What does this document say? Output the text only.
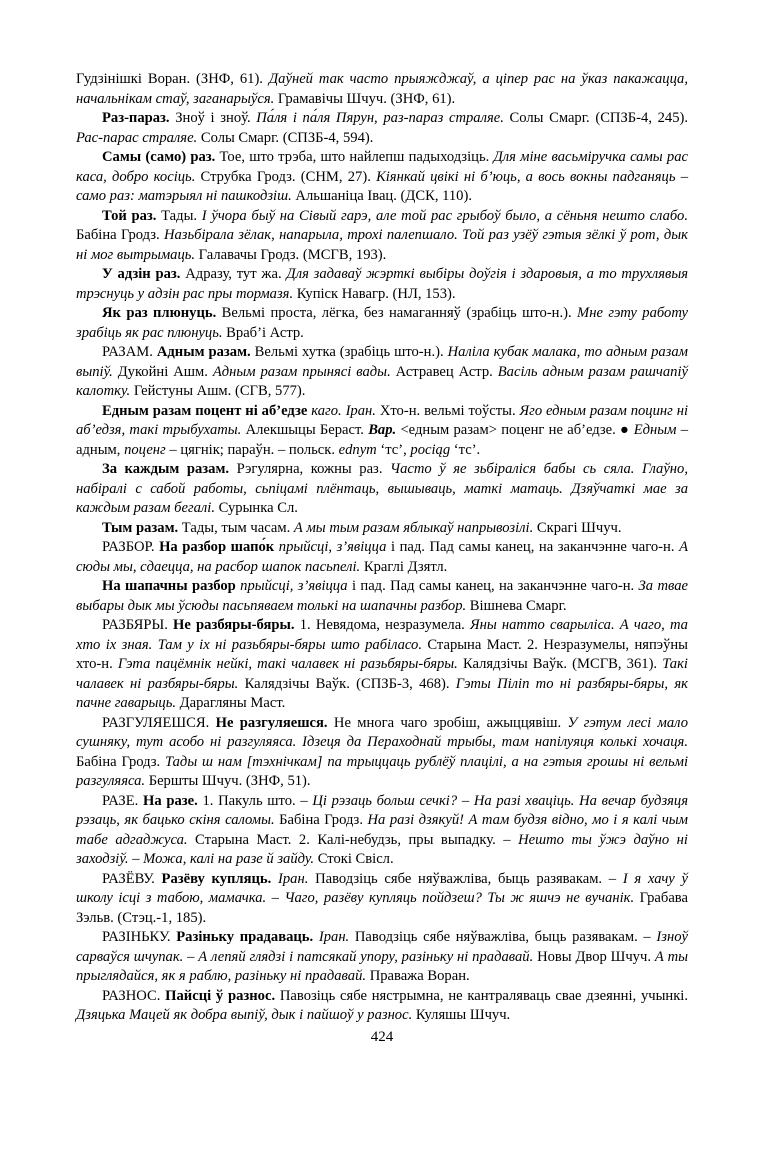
Гудзінішкі Воран. (ЗНФ, 61). Даўней так часто прыяжджаў, а цiпер рас на ўказ пакажацца, начальнікам стаў, заганарыўся. Грамавічы Шчуч. (ЗНФ, 61).

Раз-параз. Зноў і зноў. Па́ля і па́ля Пярун, раз-параз страляе. Солы Смарг. (СПЗБ-4, 245). Рас-парас страляе. Солы Смарг. (СПЗБ-4, 594).

Самы (само) раз. Тое, што трэба, што найлепш падыходзіць. Для міне васьміручка самы рас каса, добро косіць. Струбка Гродз. (СНМ, 27). Кіянкай цвікі ні б’юць, а вось вокны падганяць – само раз: матэрыял ні пашкодзіш. Альшаніца Івац. (ДСК, 110).

Той раз. Тады. І ўчора быў на Сівый гарэ, але той рас грыбоў было, а сёньня нешто слабо. Бабіна Гродз. Назьбірала зёлак, напарыла, трохі палепшало. Той раз узёў гэтыя зёлкі ў рот, дык ні мог вытрымаць. Галавачы Гродз. (МСГВ, 193).

У адзін раз. Адразу, тут жа. Для задаваў жэрткі выбіры доўгія і здаровыя, а то трухлявыя трэснуць у адзін рас пры тормазя. Купіск Навагр. (НЛ, 153).

Як раз плюнуць. Вельмі проста, лёгка, без намаганняў (зрабіць што-н.). Мне гэту работу зрабіць як рас плюнуць. Враб’і Астр.

РАЗАМ. Адным разам. Вельмі хутка (зрабіць што-н.). Наліла кубак малака, то адным разам выпіў. Дукойні Ашм. Адным разам прынясі вады. Астравец Астр. Васіль адным разам рашчапіў калотку. Гейстуны Ашм. (СГВ, 577).

Едным разам поцент ні аб’едзе каго. Іран. Хто-н. вельмі тоўсты. Яго едным разам поцинг ні аб’едзя, такі трыбухаты. Алекшыцы Бераст. Вар. <едным разам> поценг не аб’едзе. ● Едным – адным, поценг – цягнік; параўн. – польск. ednym ‘тс’, pociąg ‘тс’.

За каждым разам. Рэгулярна, кожны раз. Часто ў яе зьбіраліся бабы сь сяла. Глаўно, набіралі с сабой работы, сьпіцамі плёнтаць, вышываць, маткі матаць. Дзяўчаткі мае за каждым разам бегалі. Сурынка Сл.

Тым разам. Тады, тым часам. А мы тым разам яблыкаў напрывозілі. Скрагі Шчуч.

РАЗБОР. На разбор шапо́к прыйсці, з’явіцца і пад. Пад самы канец, на заканчэнне чаго-н. А сюды мы, сдаецца, на расбор шапок пасьпелі. Краглі Дзятл.

На шапачны разбор прыйсці, з’явіцца і пад. Пад самы канец, на заканчэнне чаго-н. За тваe выбары дык мы ўсюды пасьпяваем толькі на шапачны разбор. Вішнева Смарг.

РАЗБЯРЫ. Не разбяры-бяры. 1. Невядома, незразумела. Яны натто сварыліса. А чаго, та хто іх зная. Там у іх ні разьбяры-бяры што рабіласо. Старына Маст. 2. Незразумелы, няпэўны хто-н. Гэта пацёмнік нейкі, такі чалавек ні разьбяры-бяры. Калядзічы Ваўк. (МСГВ, 361). Такі чалавек ні разбяры-бяры. Калядзічы Ваўк. (СПЗБ-3, 468). Гэты Піліп то ні разбяры-бяры, як пачне гаварыць. Дарагляны Маст.

РАЗГУЛЯЕШСЯ. Не разгуляешся. Не многа чаго зробіш, ажыццявіш. У гэтум лесі мало сушняку, тут асобо ні разгуляяса. Ідзеця да Пераходнай трыбы, там напілуяця колькі хочаця. Бабіна Гродз. Тады ш нам [тэхнічкам] па трыццаць рублёў плацілі, а на гэтыя грошы ні вельмі разгуляяса. Бершты Шчуч. (ЗНФ, 51).

РАЗЕ. На разе. 1. Пакуль што. – Ці рэзаць больш сечкі? – На разі хваціць. На вечар будзяця рэзаць, як бацько скіня саломы. Бабіна Гродз. На разі дзякуй! А там будзя відно, мо і я калі чым табе адгаджуса. Старына Маст. 2. Калі-небудзь, пры выпадку. – Нешто ты ўжэ даўно ні заходзіў. – Можа, калі на разе й зайду. Стокі Свісл.

РАЗЁВУ. Разёву купляць. Іран. Паводзіць сябе няўважліва, быць разявакам. – І я хачу ў школу ісці з табою, мамачка. – Чаго, разёву купляць пойдзеш? Ты ж яшчэ не вучанік. Грабава Зэльв. (Стэц.-1, 185).

РАЗІНЬКУ. Разіньку прадаваць. Іран. Паводзіць сябе няўважліва, быць разявакам. – Ізноў сарваўся шчупак. – А лепяй глядзі і патсякай упору, разіньку ні прадавай. Новы Двор Шчуч. А ты прыглядайся, як я раблю, разіньку ні прадавай. Праважа Воран.

РАЗНОС. Пайсці ў разнос. Павозіць сябе нястрымна, не кантраляваць свае дзеянні, учынкі. Дзяцька Мацей як добра выпіў, дык і пайшоў у разнос. Куляшы Шчуч.

424
